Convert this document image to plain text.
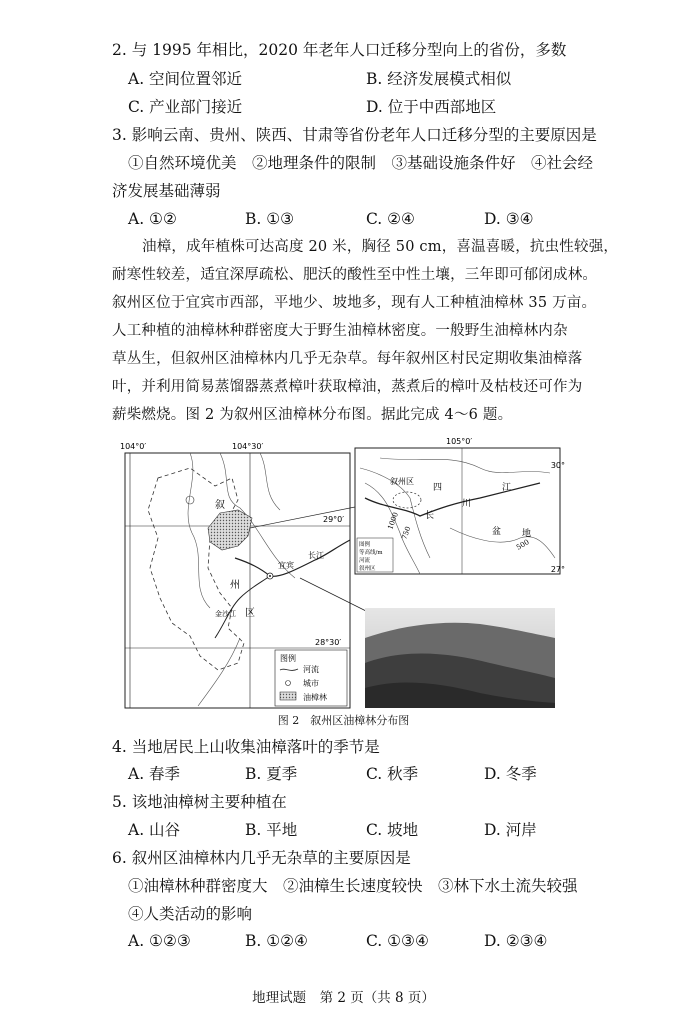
2. 与 1995 年相比，2020 年老年人口迁移分型向上的省份，多数
A. 空间位置邻近	B. 经济发展模式相似
C. 产业部门接近	D. 位于中西部地区
3. 影响云南、贵州、陕西、甘肃等省份老年人口迁移分型的主要原因是
①自然环境优美　②地理条件的限制　③基础设施条件好　④社会经
济发展基础薄弱
A. ①②	B. ①③	C. ②④	D. ③④
油樟，成年植株可达高度 20 米，胸径 50 cm，喜温喜暖，抗虫性较强，
耐寒性较差，适宜深厚疏松、肥沃的酸性至中性土壤，三年即可郁闭成林。
叙州区位于宜宾市西部，平地少、坡地多，现有人工种植油樟林 35 万亩。
人工种植的油樟林种群密度大于野生油樟林密度。一般野生油樟林内杂
草丛生，但叙州区油樟林内几乎无杂草。每年叙州区村民定期收集油樟落
叶，并利用简易蒸馏器蒸煮樟叶获取樟油，蒸煮后的樟叶及枯枝还可作为
薪柴燃烧。图 2 为叙州区油樟林分布图。据此完成 4～6 题。
104°0′	104°30′
29°0′
28°30′
叙
州
区
宜宾
长江
金沙江
图例
河流
城市
油樟林
105°0′
30°
27°
叙州区
四
川
盆 地
长
江
1000
750
500
图例
等高线/m
河流
叙州区
图 2　叙州区油樟林分布图
4. 当地居民上山收集油樟落叶的季节是
A. 春季	B. 夏季	C. 秋季	D. 冬季
5. 该地油樟树主要种植在
A. 山谷	B. 平地	C. 坡地	D. 河岸
6. 叙州区油樟林内几乎无杂草的主要原因是
①油樟林种群密度大　②油樟生长速度较快　③林下水土流失较强
④人类活动的影响
A. ①②③	B. ①②④	C. ①③④	D. ②③④
地理试题　第 2 页（共 8 页）
